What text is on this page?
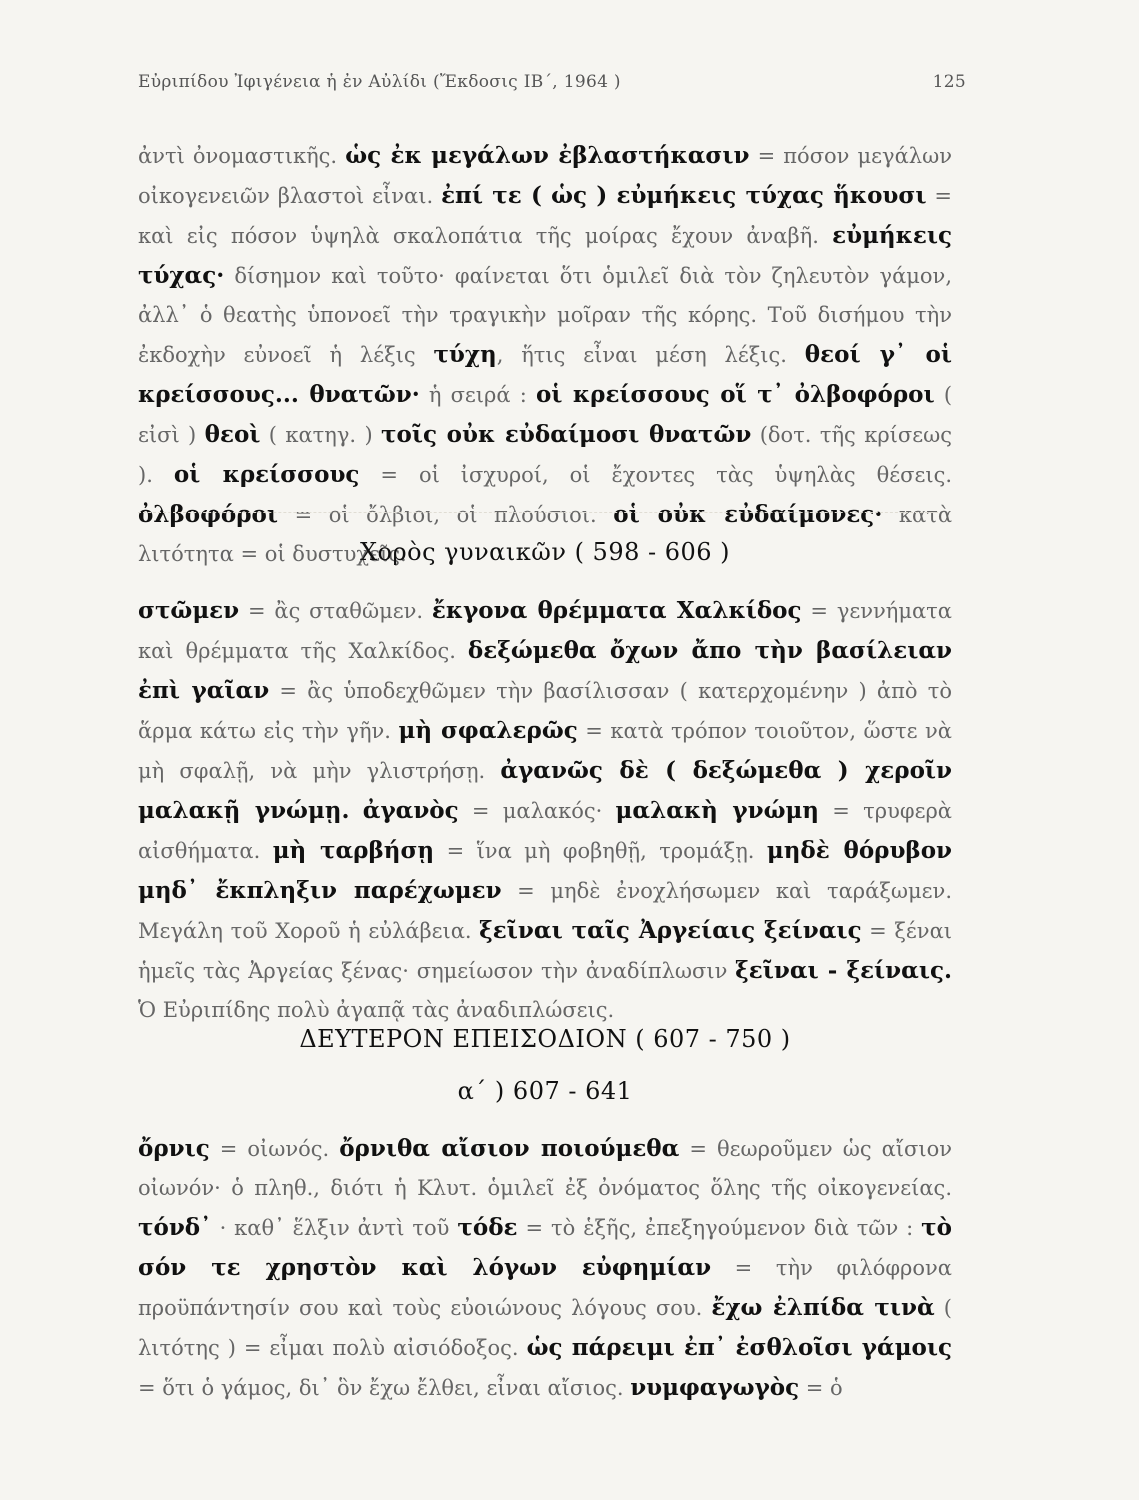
Εὐριπίδου Ἰφιγένεια ἡ ἐν Αὐλίδι (Ἔκδοσις ΙΒ΄, 1964 )	125

ἀντὶ ὀνομαστικῆς. ὡς ἐκ μεγάλων ἐβλαστήκασιν = πόσον μεγάλων οἰκογενειῶν βλαστοὶ εἶναι. ἐπί τε ( ὡς ) εὐμήκεις τύχας ἥκουσι = καὶ εἰς πόσον ὑψηλὰ σκαλοπάτια τῆς μοίρας ἔχουν ἀναβῆ. εὐμήκεις τύχας· δίσημον καὶ τοῦτο· φαίνεται ὅτι ὁμιλεῖ διὰ τὸν ζηλευτὸν γάμον, ἀλλ᾿ ὁ θεατὴς ὑπονοεῖ τὴν τραγικὴν μοῖραν τῆς κόρης. Τοῦ δισήμου τὴν ἐκδοχὴν εὐνοεῖ ἡ λέξις τύχη, ἥτις εἶναι μέση λέξις. θεοί γ᾿ οἱ κρείσσους... θνατῶν· ἡ σειρά : οἱ κρείσσους οἵ τ᾿ ὀλβοφόροι ( εἰσὶ ) θεοὶ ( κατηγ. ) τοῖς οὐκ εὐδαίμοσι θνατῶν (δοτ. τῆς κρίσεως ). οἱ κρείσσους = οἱ ἰσχυροί, οἱ ἔχοντες τὰς ὑψηλὰς θέσεις. ὀλβοφόροι = οἱ ὄλβιοι, οἱ πλούσιοι. οἱ οὐκ εὐδαίμονες· κατὰ λιτότητα = οἱ δυστυχεῖς.

Χορὸς γυναικῶν ( 598 - 606 )

στῶμεν = ἂς σταθῶμεν. ἔκγονα θρέμματα Χαλκίδος = γεννήματα καὶ θρέμματα τῆς Χαλκίδος. δεξώμεθα ὄχων ἄπο τὴν βασίλειαν ἐπὶ γαῖαν = ἂς ὑποδεχθῶμεν τὴν βασίλισσαν ( κατερχομένην ) ἀπὸ τὸ ἅρμα κάτω εἰς τὴν γῆν. μὴ σφαλερῶς = κατὰ τρόπον τοιοῦτον, ὥστε νὰ μὴ σφαλῇ, νὰ μὴν γλιστρήσῃ. ἀγανῶς δὲ ( δεξώμεθα ) χεροῖν μαλακῇ γνώμῃ. ἀγανὸς = μαλακός· μαλακὴ γνώμη = τρυφερὰ αἰσθήματα. μὴ ταρβήσῃ = ἵνα μὴ φοβηθῇ, τρομάξῃ. μηδὲ θόρυβον μηδ᾿ ἔκπληξιν παρέχωμεν = μηδὲ ἐνοχλήσωμεν καὶ ταράξωμεν. Μεγάλη τοῦ Χοροῦ ἡ εὐλάβεια. ξεῖναι ταῖς Ἀργείαις ξείναις = ξέναι ἡμεῖς τὰς Ἀργείας ξένας· σημείωσον τὴν ἀναδίπλωσιν ξεῖναι - ξείναις. Ὁ Εὐριπίδης πολὺ ἀγαπᾷ τὰς ἀναδιπλώσεις.

ΔΕΥΤΕΡΟΝ ΕΠΕΙΣΟΔΙΟΝ ( 607 - 750 )
α΄ ) 607 - 641

ὄρνις = οἰωνός. ὄρνιθα αἴσιον ποιούμεθα = θεωροῦμεν ὡς αἴσιον οἰωνόν· ὁ πληθ., διότι ἡ Κλυτ. ὁμιλεῖ ἐξ ὀνόματος ὅλης τῆς οἰκογενείας. τόνδ᾿ · καθ᾿ ἕλξιν ἀντὶ τοῦ τόδε = τὸ ἑξῆς, ἐπεξηγούμενον διὰ τῶν : τὸ σόν τε χρηστὸν καὶ λόγων εὐφημίαν = τὴν φιλόφρονα προϋπάντησίν σου καὶ τοὺς εὐοιώνους λόγους σου. ἔχω ἐλπίδα τινὰ ( λιτότης ) = εἶμαι πολὺ αἰσιόδοξος. ὡς πάρειμι ἐπ᾿ ἐσθλοῖσι γάμοις = ὅτι ὁ γάμος, δι᾿ ὃν ἔχω ἔλθει, εἶναι αἴσιος. νυμφαγωγὸς = ὁ
